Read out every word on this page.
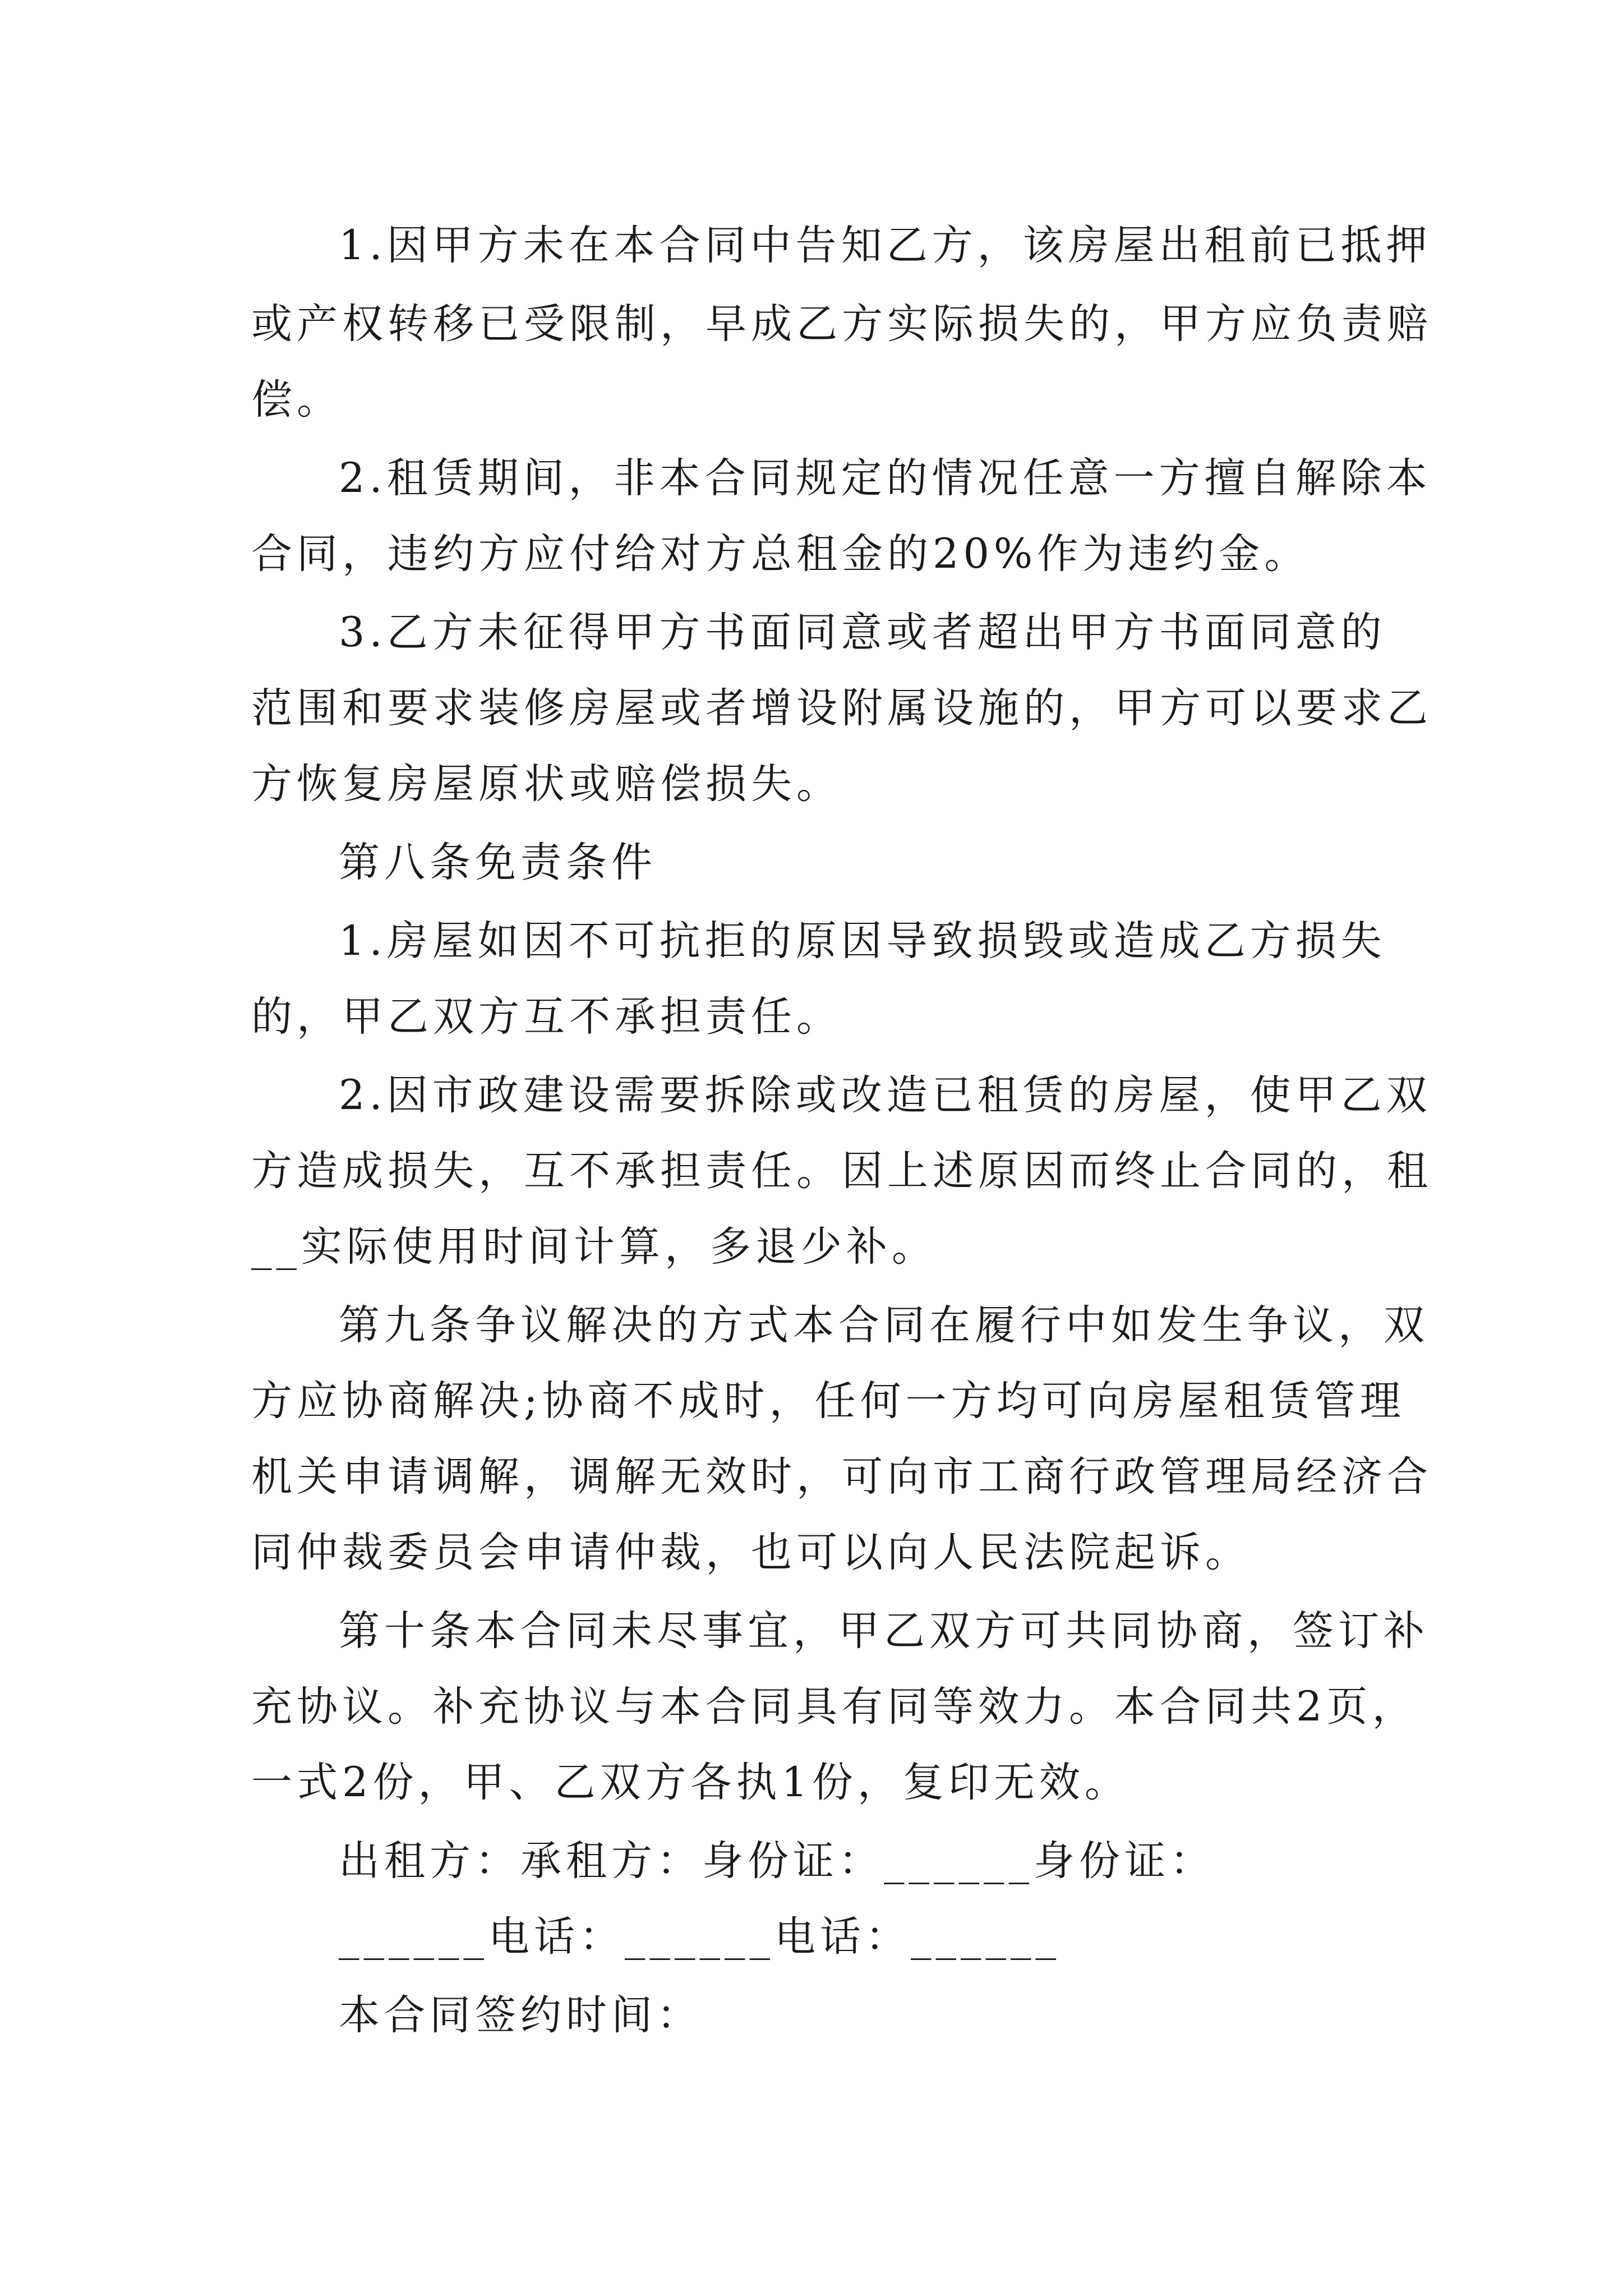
1.因甲方未在本合同中告知乙方，该房屋出租前已抵押
或产权转移已受限制，早成乙方实际损失的，甲方应负责赔
偿。
2.租赁期间，非本合同规定的情况任意一方擅自解除本
合同，违约方应付给对方总租金的20%作为违约金。
3.乙方未征得甲方书面同意或者超出甲方书面同意的
范围和要求装修房屋或者增设附属设施的，甲方可以要求乙
方恢复房屋原状或赔偿损失。
第八条免责条件
1.房屋如因不可抗拒的原因导致损毁或造成乙方损失
的，甲乙双方互不承担责任。
2.因市政建设需要拆除或改造已租赁的房屋，使甲乙双
方造成损失，互不承担责任。因上述原因而终止合同的，租
__实际使用时间计算，多退少补。
第九条争议解决的方式本合同在履行中如发生争议，双
方应协商解决;协商不成时，任何一方均可向房屋租赁管理
机关申请调解，调解无效时，可向市工商行政管理局经济合
同仲裁委员会申请仲裁，也可以向人民法院起诉。
第十条本合同未尽事宜，甲乙双方可共同协商，签订补
充协议。补充协议与本合同具有同等效力。本合同共2页，
一式2份，甲、乙双方各执1份，复印无效。
出租方：承租方：身份证：______身份证：
______电话：______电话：______
本合同签约时间：
